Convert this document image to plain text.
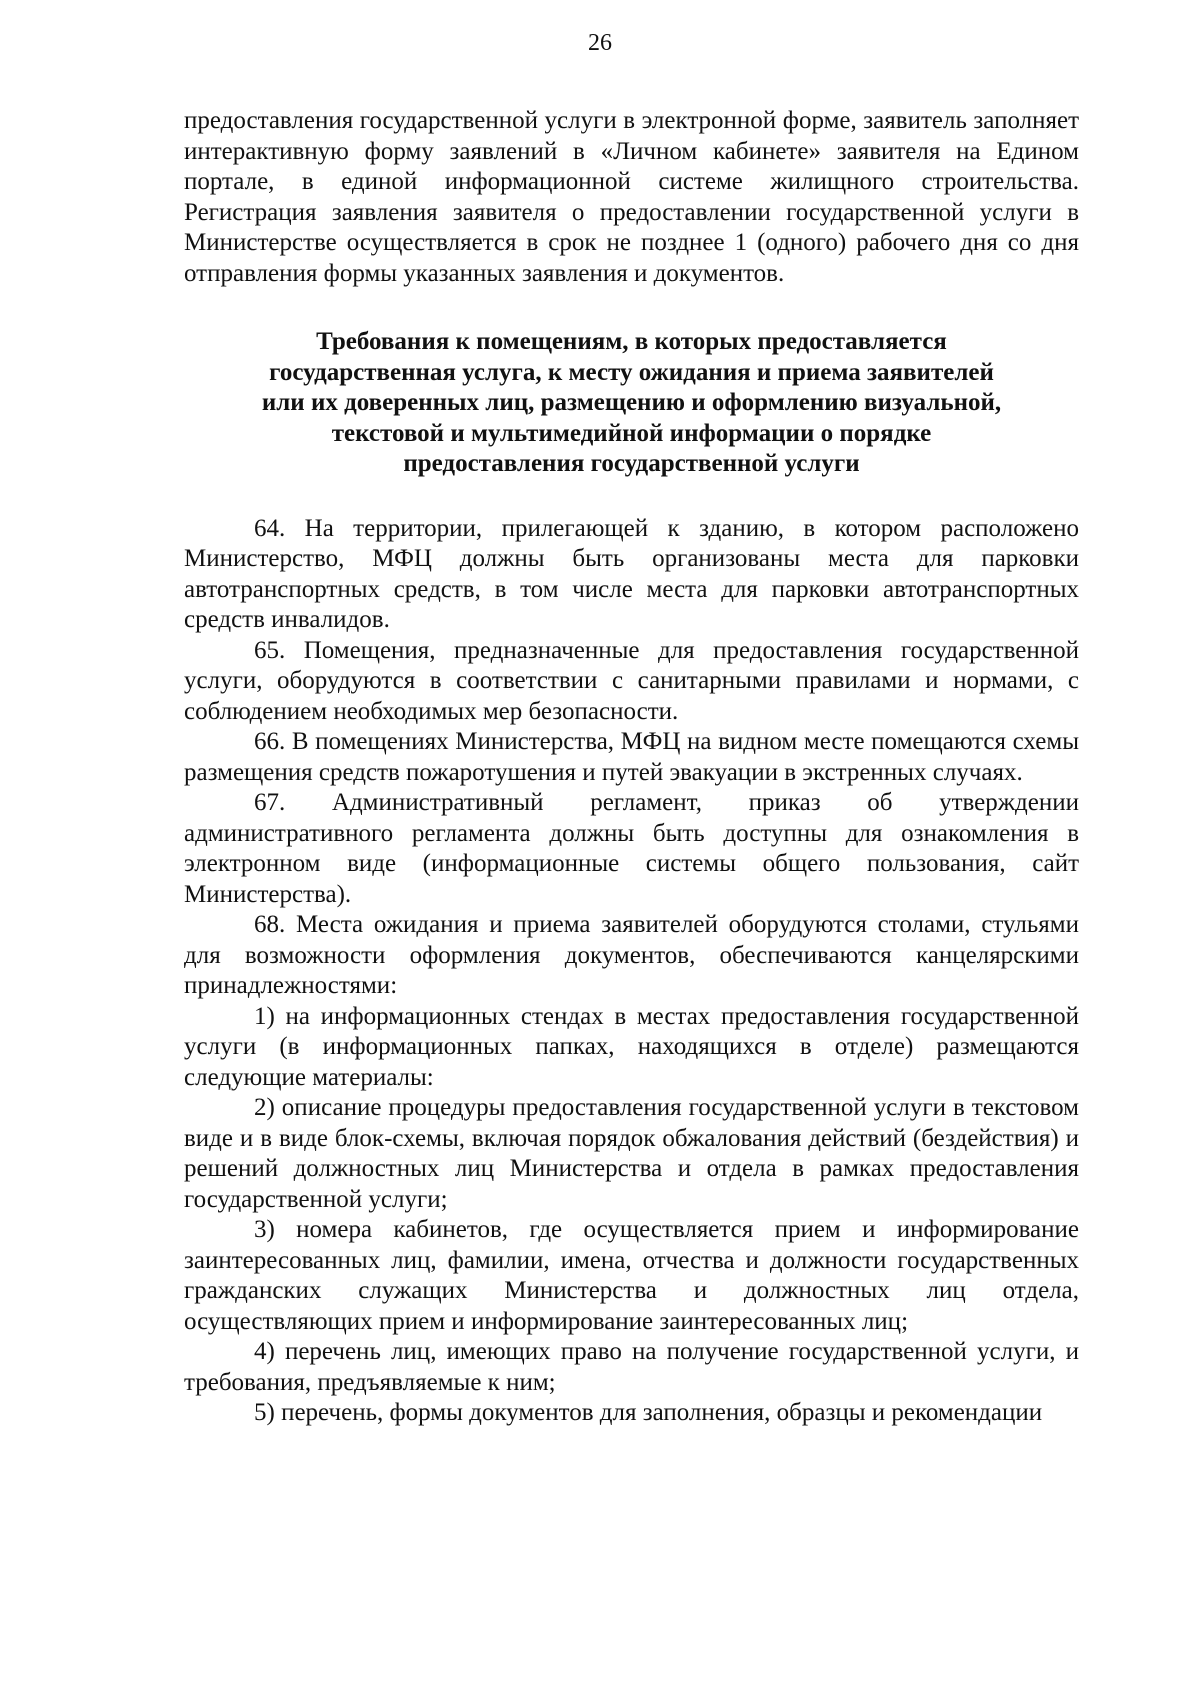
26

предоставления государственной услуги в электронной форме, заявитель заполняет интерактивную форму заявлений в «Личном кабинете» заявителя на Едином портале, в единой информационной системе жилищного строительства. Регистрация заявления заявителя о предоставлении государственной услуги в Министерстве осуществляется в срок не позднее 1 (одного) рабочего дня со дня отправления формы указанных заявления и документов.

Требования к помещениям, в которых предоставляется
государственная услуга, к месту ожидания и приема заявителей
или их доверенных лиц, размещению и оформлению визуальной,
текстовой и мультимедийной информации о порядке
предоставления государственной услуги

64. На территории, прилегающей к зданию, в котором расположено Министерство, МФЦ должны быть организованы места для парковки автотранспортных средств, в том числе места для парковки автотранспортных средств инвалидов.

65. Помещения, предназначенные для предоставления государственной услуги, оборудуются в соответствии с санитарными правилами и нормами, с соблюдением необходимых мер безопасности.

66. В помещениях Министерства, МФЦ на видном месте помещаются схемы размещения средств пожаротушения и путей эвакуации в экстренных случаях.

67. Административный регламент, приказ об утверждении административного регламента должны быть доступны для ознакомления в электронном виде (информационные системы общего пользования, сайт Министерства).

68. Места ожидания и приема заявителей оборудуются столами, стульями для возможности оформления документов, обеспечиваются канцелярскими принадлежностями:

1) на информационных стендах в местах предоставления государственной услуги (в информационных папках, находящихся в отделе) размещаются следующие материалы:

2) описание процедуры предоставления государственной услуги в текстовом виде и в виде блок-схемы, включая порядок обжалования действий (бездействия) и решений должностных лиц Министерства и отдела в рамках предоставления государственной услуги;

3) номера кабинетов, где осуществляется прием и информирование заинтересованных лиц, фамилии, имена, отчества и должности государственных гражданских служащих Министерства и должностных лиц отдела, осуществляющих прием и информирование заинтересованных лиц;

4) перечень лиц, имеющих право на получение государственной услуги, и требования, предъявляемые к ним;

5) перечень, формы документов для заполнения, образцы и рекомендации
